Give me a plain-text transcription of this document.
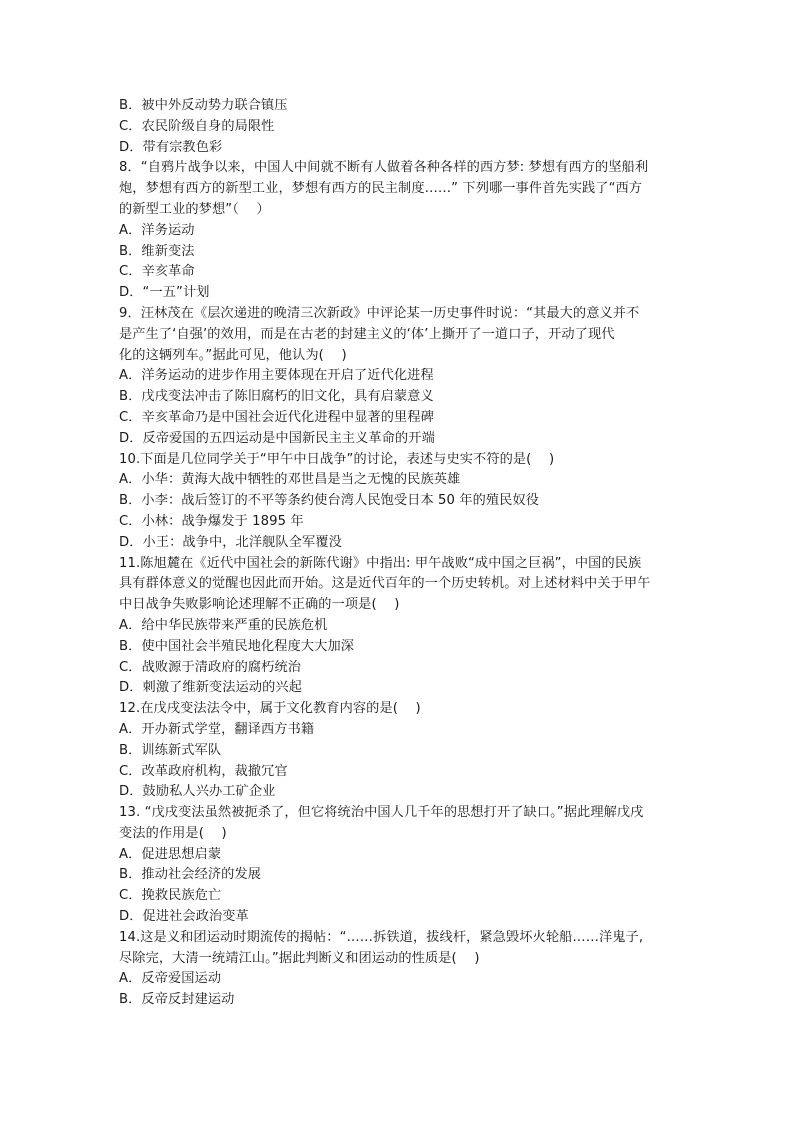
B．被中外反动势力联合镇压
C．农民阶级自身的局限性
D．带有宗教色彩
8．“自鸦片战争以来，中国人中间就不断有人做着各种各样的西方梦: 梦想有西方的坚船利
炮，梦想有西方的新型工业，梦想有西方的民主制度……” 下列哪一事件首先实践了“西方
的新型工业的梦想”（　 ）
A．洋务运动
B．维新变法
C．辛亥革命
D．“一五”计划
9．汪林茂在《层次递进的晚清三次新政》中评论某一历史事件时说：“其最大的意义并不
是产生了‘自强’的效用，而是在古老的封建主义的‘体’上撕开了一道口子，开动了现代
化的这辆列车。”据此可见，他认为(　 )
A．洋务运动的进步作用主要体现在开启了近代化进程
B．戊戌变法冲击了陈旧腐朽的旧文化，具有启蒙意义
C．辛亥革命乃是中国社会近代化进程中显著的里程碑
D．反帝爱国的五四运动是中国新民主主义革命的开端
10.下面是几位同学关于“甲午中日战争”的讨论，表述与史实不符的是(　 )
A．小华：黄海大战中牺牲的邓世昌是当之无愧的民族英雄
B．小李：战后签订的不平等条约使台湾人民饱受日本 50 年的殖民奴役
C．小林：战争爆发于 1895 年
D．小王：战争中，北洋舰队全军覆没
11.陈旭麓在《近代中国社会的新陈代谢》中指出: 甲午战败“成中国之巨祸”，中国的民族
具有群体意义的觉醒也因此而开始。这是近代百年的一个历史转机。对上述材料中关于甲午
中日战争失败影响论述理解不正确的一项是(　 )
A．给中华民族带来严重的民族危机
B．使中国社会半殖民地化程度大大加深
C．战败源于清政府的腐朽统治
D．刺激了维新变法运动的兴起
12.在戊戌变法法令中，属于文化教育内容的是(　 )
A．开办新式学堂，翻译西方书籍
B．训练新式军队
C．改革政府机构，裁撤冗官
D．鼓励私人兴办工矿企业
13. “戊戌变法虽然被扼杀了，但它将统治中国人几千年的思想打开了缺口。”据此理解戊戌
变法的作用是(　 )
A．促进思想启蒙
B．推动社会经济的发展
C．挽救民族危亡
D．促进社会政治变革
14.这是义和团运动时期流传的揭帖：“……拆铁道，拔线杆，紧急毁坏火轮船……洋鬼子,
尽除完，大清一统靖江山。”据此判断义和团运动的性质是(　 )
A．反帝爱国运动
B．反帝反封建运动
